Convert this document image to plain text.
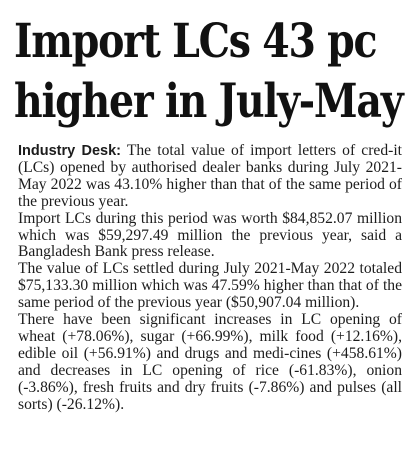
Import LCs 43 pc
higher in July-May

Industry Desk: The total value of import letters of cred-it (LCs) opened by authorised dealer banks during July 2021-May 2022 was 43.10% higher than that of the same period of the previous year.

Import LCs during this period was worth $84,852.07 million which was $59,297.49 million the previous year, said a Bangladesh Bank press release.

The value of LCs settled during July 2021-May 2022 totaled $75,133.30 million which was 47.59% higher than that of the same period of the previous year ($50,907.04 million).

There have been significant increases in LC opening of wheat (+78.06%), sugar (+66.99%), milk food (+12.16%), edible oil (+56.91%) and drugs and medi-cines (+458.61%) and decreases in LC opening of rice (-61.83%), onion (-3.86%), fresh fruits and dry fruits (-7.86%) and pulses (all sorts) (-26.12%).
